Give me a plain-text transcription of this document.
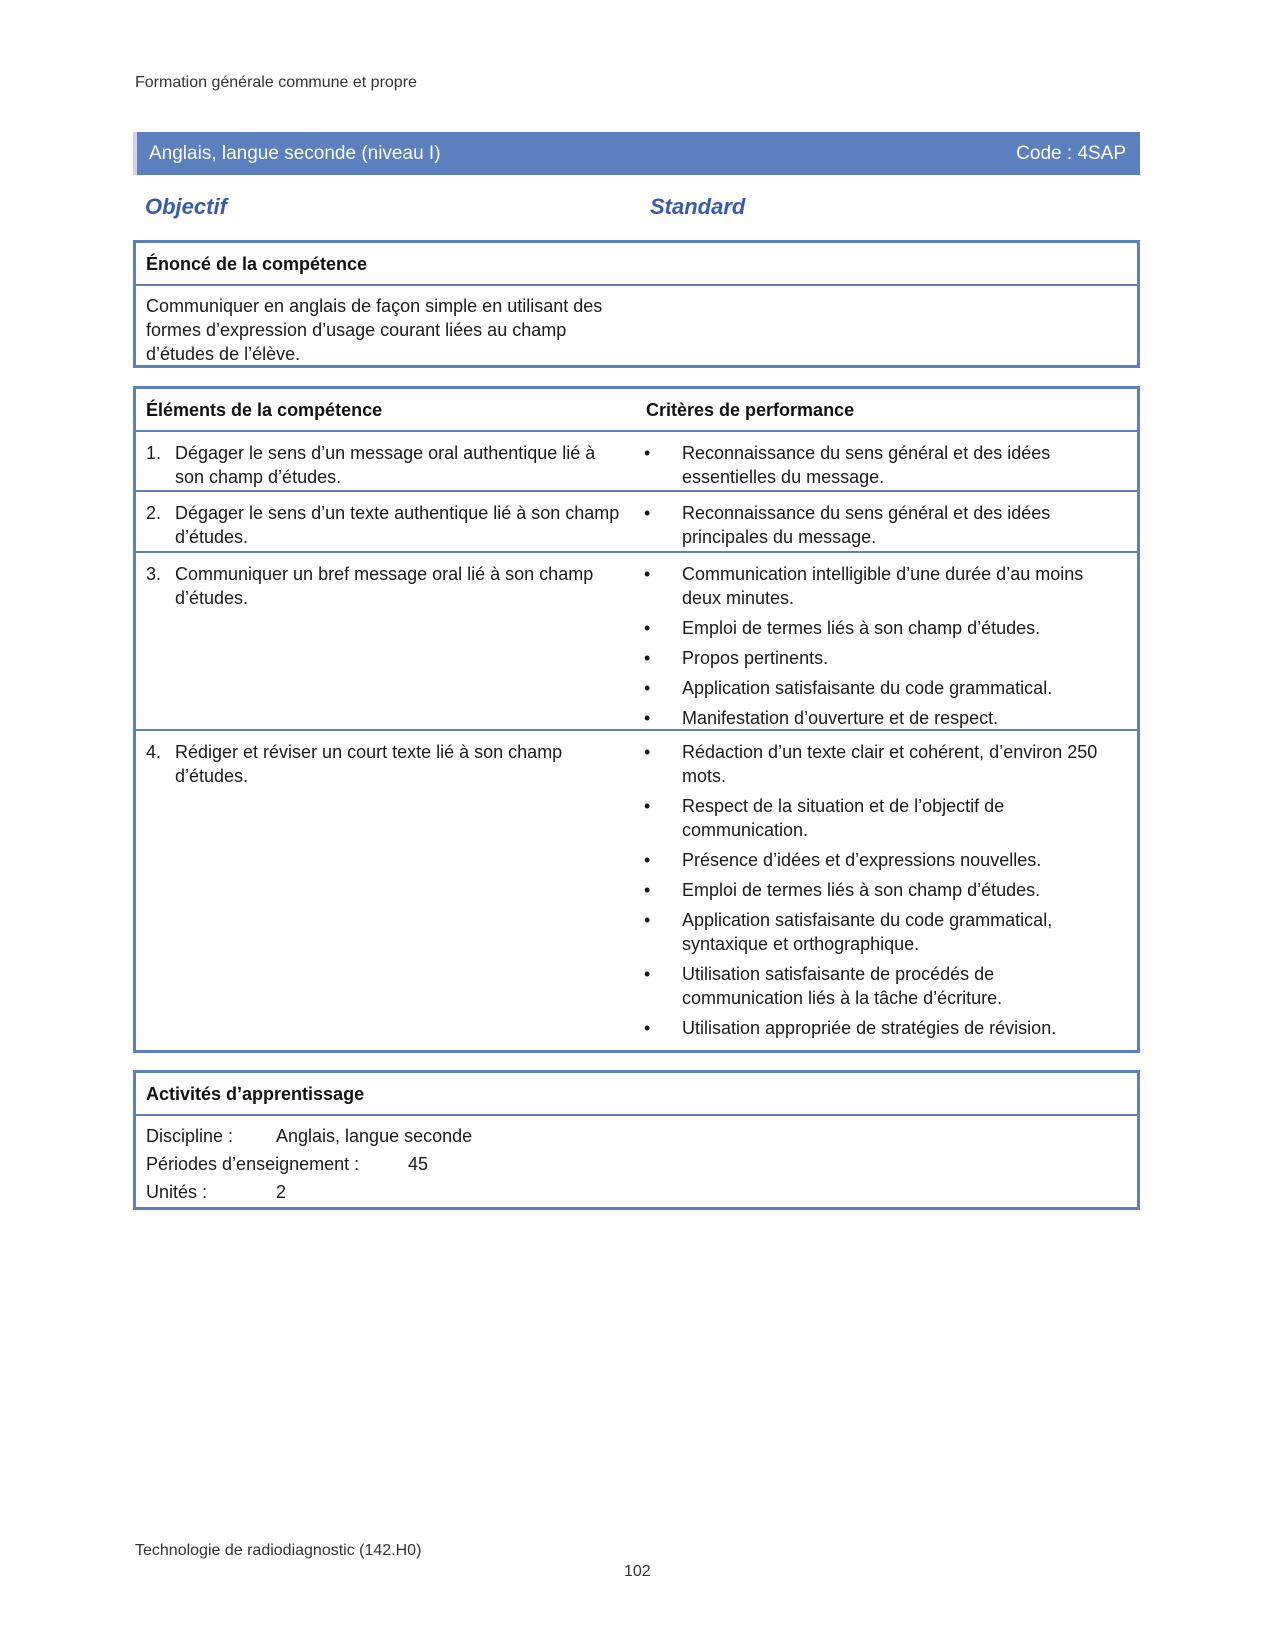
Formation générale commune et propre
Anglais, langue seconde (niveau I)	Code : 4SAP
Objectif	Standard
Énoncé de la compétence
Communiquer en anglais de façon simple en utilisant des formes d’expression d’usage courant liées au champ d’études de l’élève.
Éléments de la compétence	Critères de performance
1. Dégager le sens d’un message oral authentique lié à son champ d’études.
• Reconnaissance du sens général et des idées essentielles du message.
2. Dégager le sens d’un texte authentique lié à son champ d’études.
• Reconnaissance du sens général et des idées principales du message.
3. Communiquer un bref message oral lié à son champ d’études.
• Communication intelligible d’une durée d’au moins deux minutes.
• Emploi de termes liés à son champ d’études.
• Propos pertinents.
• Application satisfaisante du code grammatical.
• Manifestation d’ouverture et de respect.
4. Rédiger et réviser un court texte lié à son champ d’études.
• Rédaction d’un texte clair et cohérent, d’environ 250 mots.
• Respect de la situation et de l’objectif de communication.
• Présence d’idées et d’expressions nouvelles.
• Emploi de termes liés à son champ d’études.
• Application satisfaisante du code grammatical, syntaxique et orthographique.
• Utilisation satisfaisante de procédés de communication liés à la tâche d’écriture.
• Utilisation appropriée de stratégies de révision.
Activités d’apprentissage
Discipline : Anglais, langue seconde
Périodes d’enseignement :	45
Unités :	2
Technologie de radiodiagnostic (142.H0)
102
